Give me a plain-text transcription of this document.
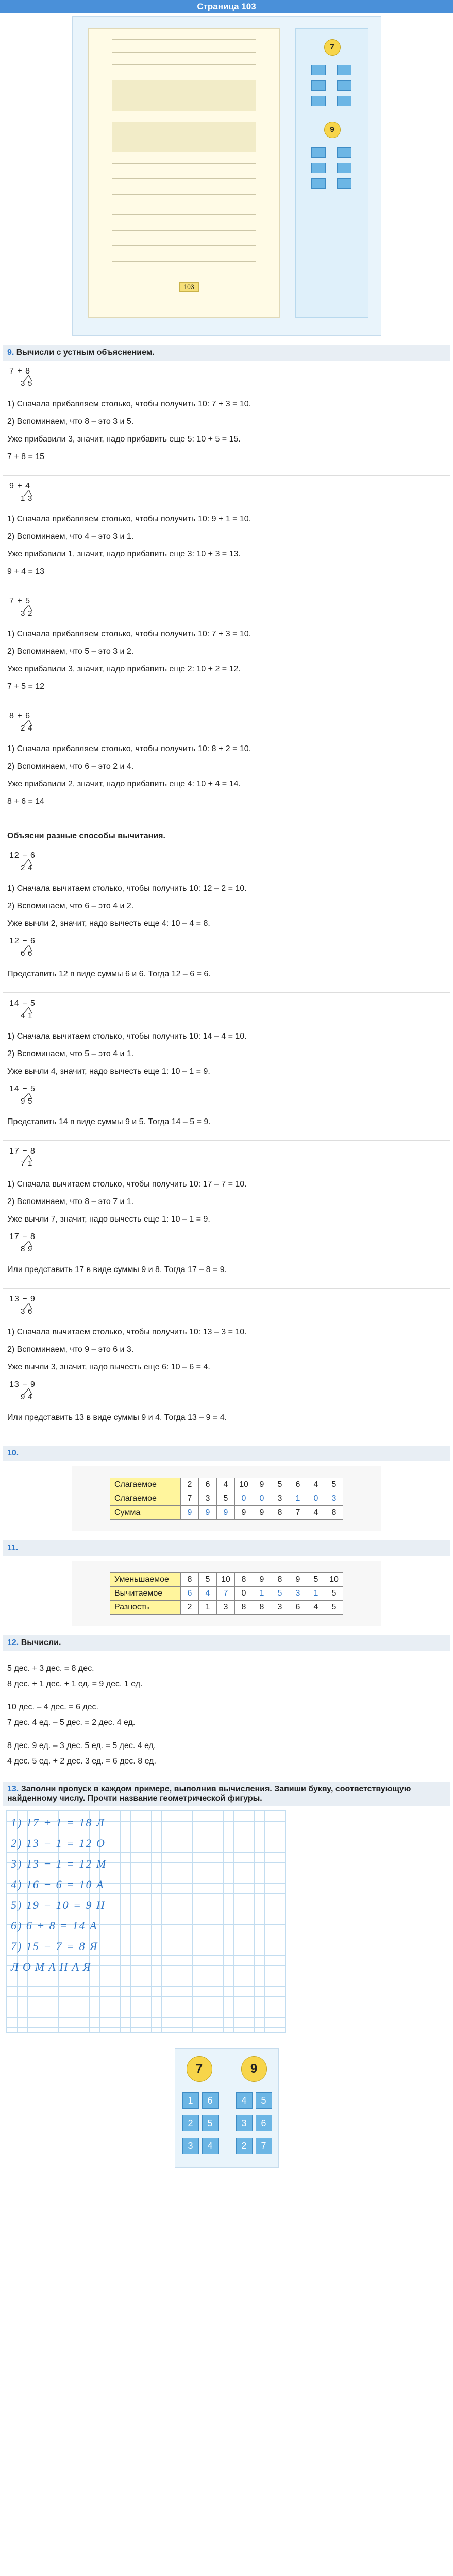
Страница 103
103
7
9
9. Вычисли с устным объяснением.
7 + 8
3 5

1) Сначала прибавляем столько, чтобы получить 10: 7 + 3 = 10.

2) Вспоминаем, что 8 – это 3 и 5.

Уже прибавили 3, значит, надо прибавить еще 5: 10 + 5 = 15.

7 + 8 = 15

9 + 4
1 3

1) Сначала прибавляем столько, чтобы получить 10: 9 + 1 = 10.

2) Вспоминаем, что 4 – это 3 и 1.

Уже прибавили 1, значит, надо прибавить еще 3: 10 + 3 = 13.

9 + 4 = 13

7 + 5
3 2

1) Сначала прибавляем столько, чтобы получить 10: 7 + 3 = 10.

2) Вспоминаем, что 5 – это 3 и 2.

Уже прибавили 3, значит, надо прибавить еще 2: 10 + 2 = 12.

7 + 5 = 12

8 + 6
2 4

1) Сначала прибавляем столько, чтобы получить 10: 8 + 2 = 10.

2) Вспоминаем, что 6 – это 2 и 4.

Уже прибавили 2, значит, надо прибавить еще 4: 10 + 4 = 14.

8 + 6 = 14

Объясни разные способы вычитания.
12 − 6
2 4

1) Сначала вычитаем столько, чтобы получить 10: 12 – 2 = 10.

2) Вспоминаем, что 6 – это 4 и 2.

Уже вычли 2, значит, надо вычесть еще 4: 10 – 4 = 8.

12 − 6
6 6

Представить 12 в виде суммы 6 и 6. Тогда 12 – 6 = 6.

14 − 5
4 1

1) Сначала вычитаем столько, чтобы получить 10: 14 – 4 = 10.

2) Вспоминаем, что 5 – это 4 и 1.

Уже вычли 4, значит, надо вычесть еще 1: 10 – 1 = 9.

14 − 5
9 5

Представить 14 в виде суммы 9 и 5. Тогда 14 – 5 = 9.

17 − 8
7 1

1) Сначала вычитаем столько, чтобы получить 10: 17 – 7 = 10.

2) Вспоминаем, что 8 – это 7 и 1.

Уже вычли 7, значит, надо вычесть еще 1: 10 – 1 = 9.

17 − 8
8 9

Или представить 17 в виде суммы 9 и 8. Тогда 17 – 8 = 9.

13 − 9
3 6

1) Сначала вычитаем столько, чтобы получить 10: 13 – 3 = 10.

2) Вспоминаем, что 9 – это 6 и 3.

Уже вычли 3, значит, надо вычесть еще 6: 10 – 6 = 4.

13 − 9
9 4

Или представить 13 в виде суммы 9 и 4. Тогда 13 – 9 = 4.

10.
Слагаемое	2	6	4	10	9	5	6	4	5
Слагаемое	7	3	5	0	0	3	1	0	3
Сумма	9	9	9	9	9	8	7	4	8
11.
Уменьшаемое	8	5	10	8	9	8	9	5	10
Вычитаемое	6	4	7	0	1	5	3	1	5
Разность	2	1	3	8	8	3	6	4	5
12. Вычисли.
5 дес. + 3 дес. = 8 дес.
8 дес. + 1 дес. + 1 ед. = 9 дес. 1 ед.
10 дес. – 4 дес. = 6 дес.
7 дес. 4 ед. – 5 дес. = 2 дес. 4 ед.
8 дес. 9 ед. – 3 дес. 5 ед. = 5 дес. 4 ед.
4 дес. 5 ед. + 2 дес. 3 ед. = 6 дес. 8 ед.
13. Заполни пропуск в каждом примере, выполнив вычисления. Запиши букву, соответствующую найденному числу. Прочти название геометрической фигуры.
1) 17 + 1 = 18 Л
2) 13 − 1 = 12 О
3) 13 − 1 = 12 М
4) 16 − 6 = 10 А
5) 19 − 10 = 9 Н
6) 6 + 8 = 14 А
7) 15 − 7 = 8 Я
ЛОМАНАЯ
7	9
1	6
2	5
3	4
4	5
3	6
2	7
